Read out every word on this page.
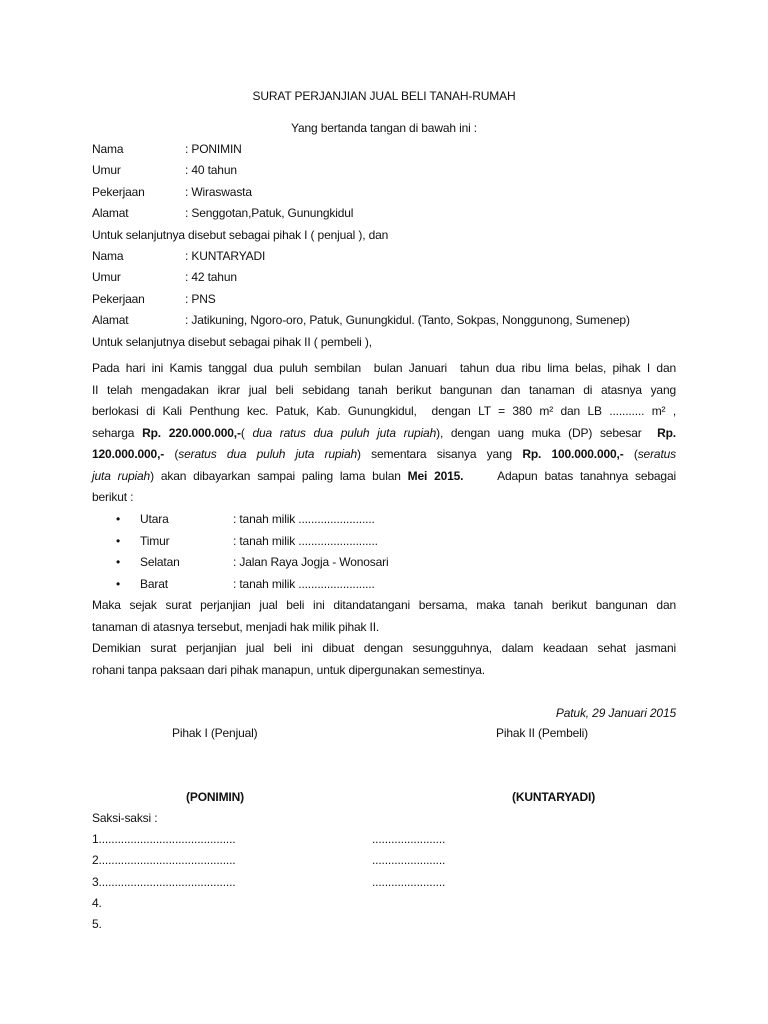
SURAT PERJANJIAN JUAL BELI TANAH-RUMAH
Yang bertanda tangan di bawah ini :
Nama	: PONIMIN
Umur	: 40 tahun
Pekerjaan	: Wiraswasta
Alamat	: Senggotan,Patuk, Gunungkidul
Untuk selanjutnya disebut sebagai pihak I ( penjual ), dan
Nama	: KUNTARYADI
Umur	: 42 tahun
Pekerjaan	: PNS
Alamat	: Jatikuning, Ngoro-oro, Patuk, Gunungkidul. (Tanto, Sokpas, Nonggunong, Sumenep)
Untuk selanjutnya disebut sebagai pihak II ( pembeli ),
Pada hari ini Kamis tanggal dua puluh sembilan  bulan Januari  tahun dua ribu lima belas, pihak I dan
II telah mengadakan ikrar jual beli sebidang tanah berikut bangunan dan tanaman di atasnya yang
berlokasi di Kali Penthung kec. Patuk, Kab. Gunungkidul,  dengan LT = 380 m² dan LB ........... m² ,
seharga Rp. 220.000.000,-( dua ratus dua puluh juta rupiah), dengan uang muka (DP) sebesar  Rp.
120.000.000,- (seratus dua puluh juta rupiah) sementara sisanya yang Rp. 100.000.000,- (seratus
juta rupiah) akan dibayarkan sampai paling lama bulan Mei 2015.     Adapun batas tanahnya sebagai
berikut :
• Utara	: tanah milik ........................
• Timur	: tanah milik .........................
• Selatan	: Jalan Raya Jogja - Wonosari
• Barat	: tanah milik ........................
Maka sejak surat perjanjian jual beli ini ditandatangani bersama, maka tanah berikut bangunan dan
tanaman di atasnya tersebut, menjadi hak milik pihak II.
Demikian surat perjanjian jual beli ini dibuat dengan sesungguhnya, dalam keadaan sehat jasmani
rohani tanpa paksaan dari pihak manapun, untuk dipergunakan semestinya.
Patuk, 29 Januari 2015
Pihak I (Penjual)	Pihak II (Pembeli)
(PONIMIN)	(KUNTARYADI)
Saksi-saksi :
1...........................................	.......................
2...........................................	.......................
3...........................................	.......................
4.
5.
